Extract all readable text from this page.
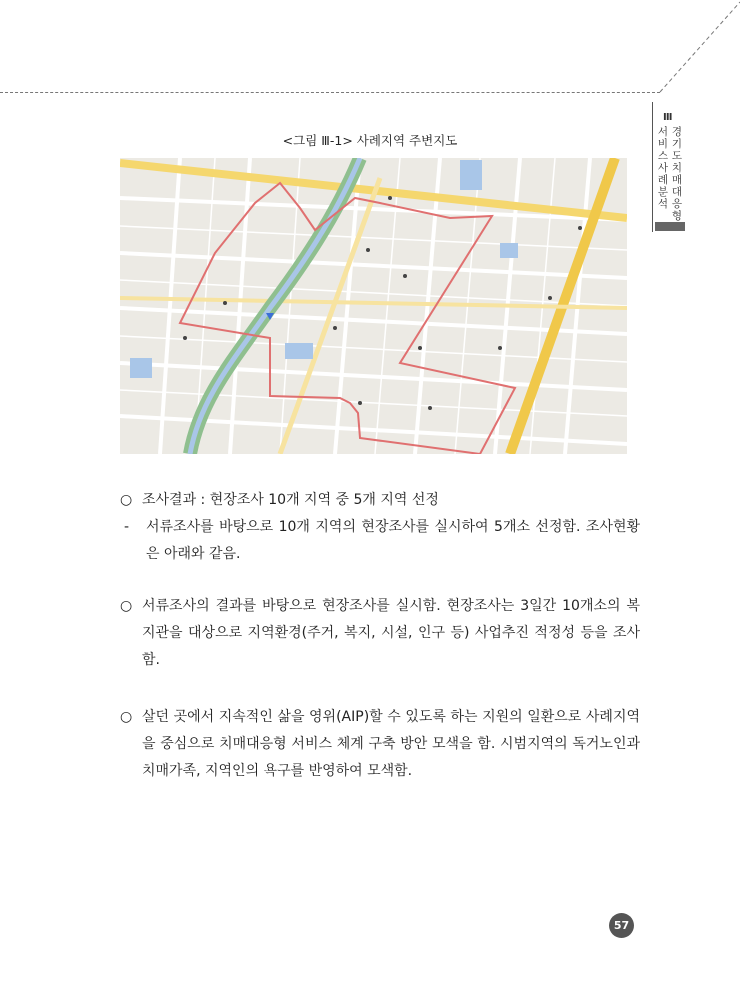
Ⅲ
경기도 치매대응형
서비스 사례분석
<그림 Ⅲ-1> 사례지역 주변지도
○ 조사결과 : 현장조사 10개 지역 중 5개 지역 선정
-	서류조사를 바탕으로 10개 지역의 현장조사를 실시하여 5개소 선정함. 조사현황은 아래와 같음.
○ 서류조사의 결과를 바탕으로 현장조사를 실시함. 현장조사는 3일간 10개소의 복지관을 대상으로 지역환경(주거, 복지, 시설, 인구 등) 사업추진 적정성 등을 조사함.
○ 살던 곳에서 지속적인 삶을 영위(AIP)할 수 있도록 하는 지원의 일환으로 사례지역을 중심으로 치매대응형 서비스 체계 구축 방안 모색을 함. 시범지역의 독거노인과 치매가족, 지역인의 욕구를 반영하여 모색함.
57
